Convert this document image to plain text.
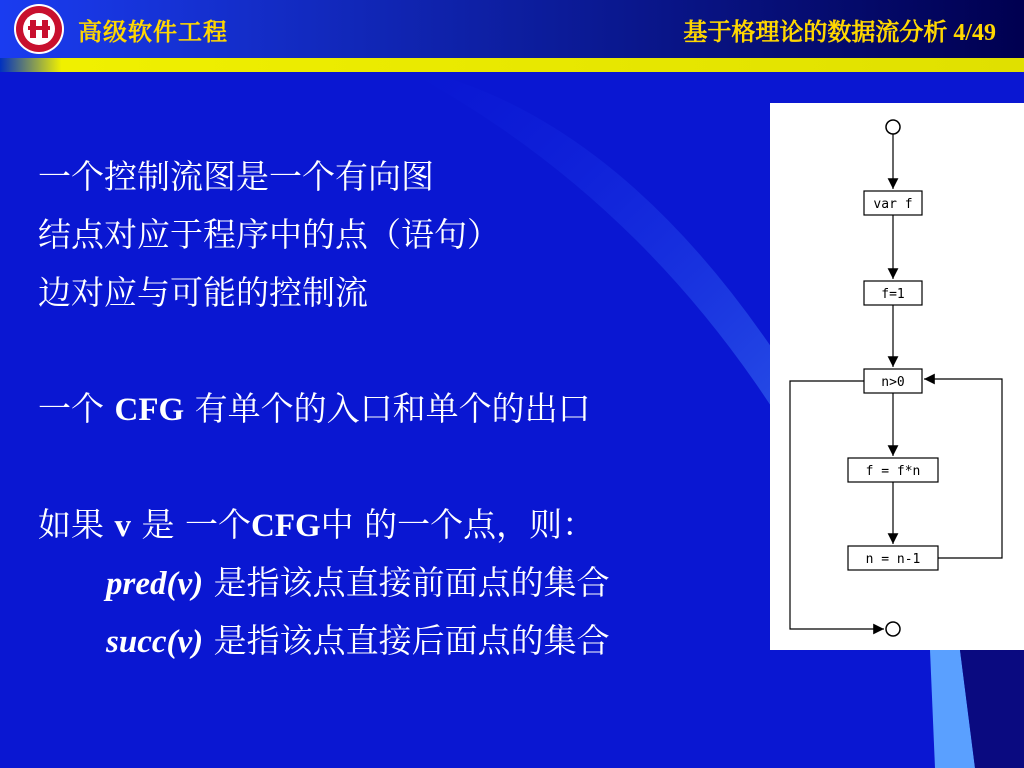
高级软件工程	基于格理论的数据流分析 4/49
一个控制流图是一个有向图
结点对应于程序中的点（语句）
边对应与可能的控制流
一个 CFG 有单个的入口和单个的出口
如果 v 是 一个CFG中 的一个点，则：
pred(v) 是指该点直接前面点的集合
succ(v) 是指该点直接后面点的集合
var f
f=1
n>0
f = f*n
n = n-1
